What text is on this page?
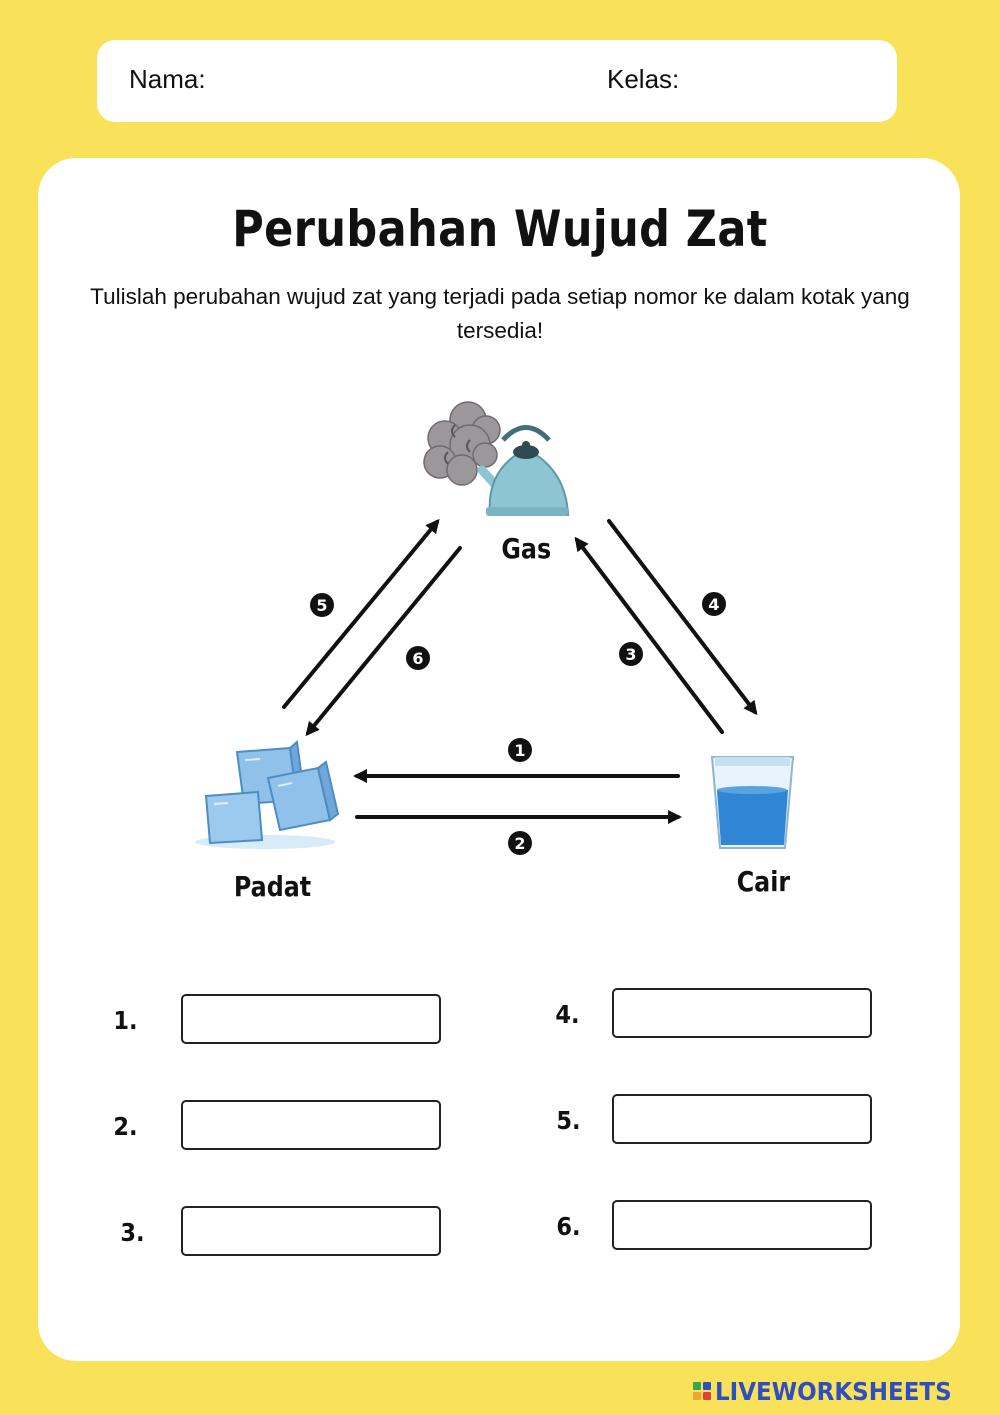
Nama:	Kelas:
Perubahan Wujud Zat
Tulislah perubahan wujud zat yang terjadi pada setiap nomor ke dalam kotak yang tersedia!
1
2
3
4
5
6
Gas
Padat	Cair
1.
2.
3.
4.
5.
6.
LIVEWORKSHEETS
